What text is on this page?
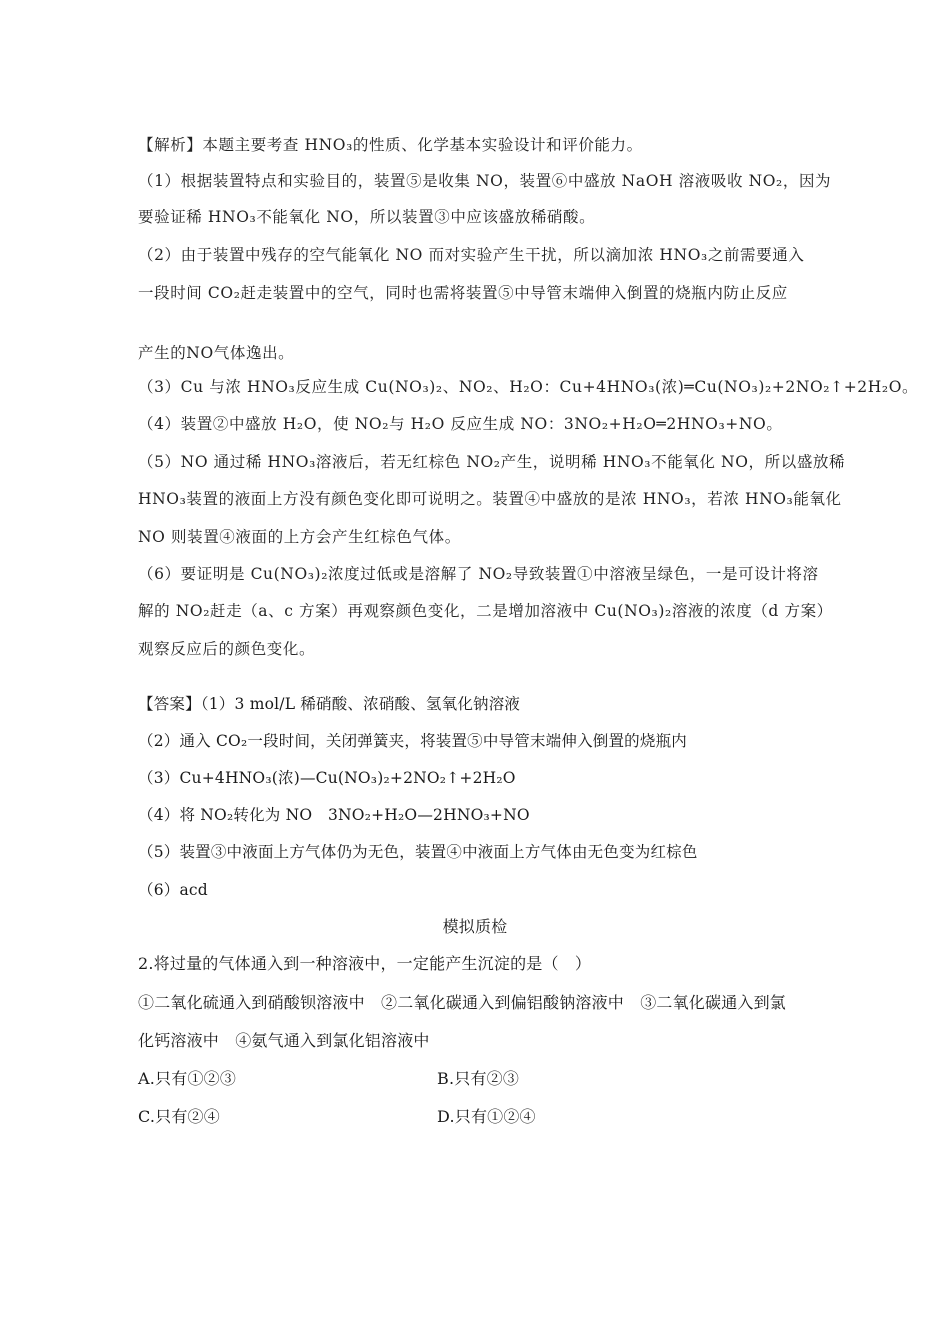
【解析】本题主要考查 HNO₃的性质、化学基本实验设计和评价能力。
（1）根据装置特点和实验目的，装置⑤是收集 NO，装置⑥中盛放 NaOH 溶液吸收 NO₂，因为
要验证稀 HNO₃不能氧化 NO，所以装置③中应该盛放稀硝酸。
（2）由于装置中残存的空气能氧化 NO 而对实验产生干扰，所以滴加浓 HNO₃之前需要通入
一段时间 CO₂赶走装置中的空气，同时也需将装置⑤中导管末端伸入倒置的烧瓶内防止反应
产生的NO气体逸出。
（3）Cu 与浓 HNO₃反应生成 Cu(NO₃)₂、NO₂、H₂O：Cu+4HNO₃(浓)═Cu(NO₃)₂+2NO₂↑+2H₂O。
（4）装置②中盛放 H₂O，使 NO₂与 H₂O 反应生成 NO：3NO₂+H₂O═2HNO₃+NO。
（5）NO 通过稀 HNO₃溶液后，若无红棕色 NO₂产生，说明稀 HNO₃不能氧化 NO，所以盛放稀
HNO₃装置的液面上方没有颜色变化即可说明之。装置④中盛放的是浓 HNO₃，若浓 HNO₃能氧化
NO 则装置④液面的上方会产生红棕色气体。
（6）要证明是 Cu(NO₃)₂浓度过低或是溶解了 NO₂导致装置①中溶液呈绿色，一是可设计将溶
解的 NO₂赶走（a、c 方案）再观察颜色变化，二是增加溶液中 Cu(NO₃)₂溶液的浓度（d 方案）
观察反应后的颜色变化。
【答案】（1）3 mol/L 稀硝酸、浓硝酸、氢氧化钠溶液
（2）通入 CO₂一段时间，关闭弹簧夹，将装置⑤中导管末端伸入倒置的烧瓶内
（3）Cu+4HNO₃(浓)—Cu(NO₃)₂+2NO₂↑+2H₂O
（4）将 NO₂转化为 NO　3NO₂+H₂O—2HNO₃+NO
（5）装置③中液面上方气体仍为无色，装置④中液面上方气体由无色变为红棕色
（6）acd
模拟质检
2.将过量的气体通入到一种溶液中，一定能产生沉淀的是（　）
①二氧化硫通入到硝酸钡溶液中　②二氧化碳通入到偏铝酸钠溶液中　③二氧化碳通入到氯
化钙溶液中　④氨气通入到氯化铝溶液中
A.只有①②③	B.只有②③
C.只有②④	D.只有①②④
